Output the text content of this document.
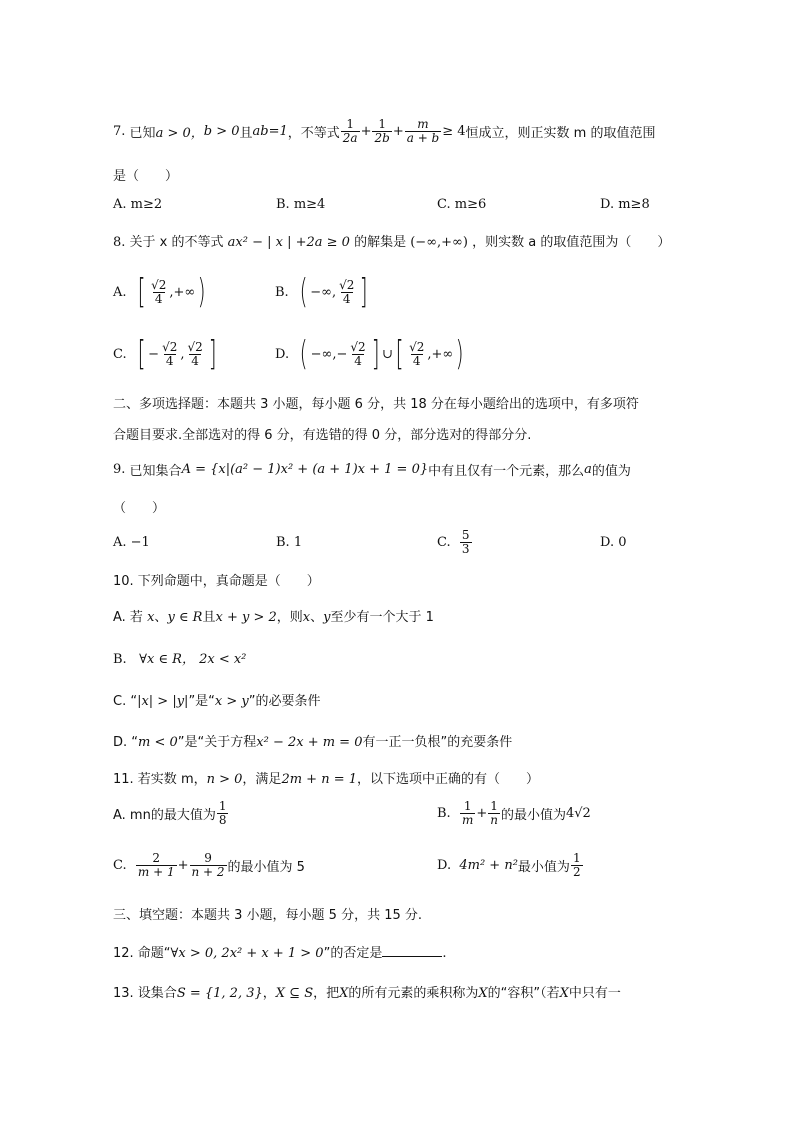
7.
已知 a > 0， b > 0 且 ab=1 ，不等式 $\frac{1}{2a} + \frac{1}{2b} + \frac{m}{a + b} \ge 4$ 恒成立，则正实数 m 的取值范围
是（　　）
A. m≥2	B. m≥4	C. m≥6	D. m≥8
8. 关于 x 的不等式 ax² − | x | +2a ≥ 0 的解集是 (−∞,+∞) ，则实数 a 的取值范围为（　　）
A.
[ $\frac{√2}{4}$ ,+∞ )	B.
( −∞, $\frac{√2}{4}$ ]
C.
[ − $\frac{√2}{4}$ , $\frac{√2}{4}$ ]	D.
( −∞, − $\frac{√2}{4}$ ] ∪ [ $\frac{√2}{4}$ ,+∞ )
二、多项选择题：本题共 3 小题，每小题 6 分，共 18 分在每小题给出的选项中，有多项符
合题目要求.全部选对的得 6 分，有选错的得 0 分，部分选对的得部分分.
9.
已知集合 A = {x|(a² − 1)x² + (a + 1)x + 1 = 0} 中有且仅有一个元素，那么 a 的值为
（　　）
A. −1	B. 1	C.
$\frac{5}{3}$	D. 0
10. 下列命题中，真命题是（　　）
A. 若 x、y ∈ R且x + y > 2，则x、y至少有一个大于 1
B. ∀x ∈ R， 2x < x²
C. “|x| > |y|”是“x > y”的必要条件
D. “m < 0”是“关于方程x² − 2x + m = 0有一正一负根”的充要条件
11. 若实数 m，n > 0，满足2m + n = 1，以下选项中正确的有（　　）
A. mn的最大值为 $\frac{1}{8}$	B.
$\frac{1}{m} + \frac{1}{n}$ 的最小值为 4√2
C.
$\frac{2}{m + 1} + \frac{9}{n + 2}$ 的最小值为 5	D.
4m² + n² 最小值为 $\frac{1}{2}$
三、填空题：本题共 3 小题，每小题 5 分，共 15 分.
12. 命题“∀x > 0, 2x² + x + 1 > 0”的否定是	.
13. 设集合S = {1, 2, 3}，X ⊆ S，把X的所有元素的乘积称为X的“容积”（若X中只有一
